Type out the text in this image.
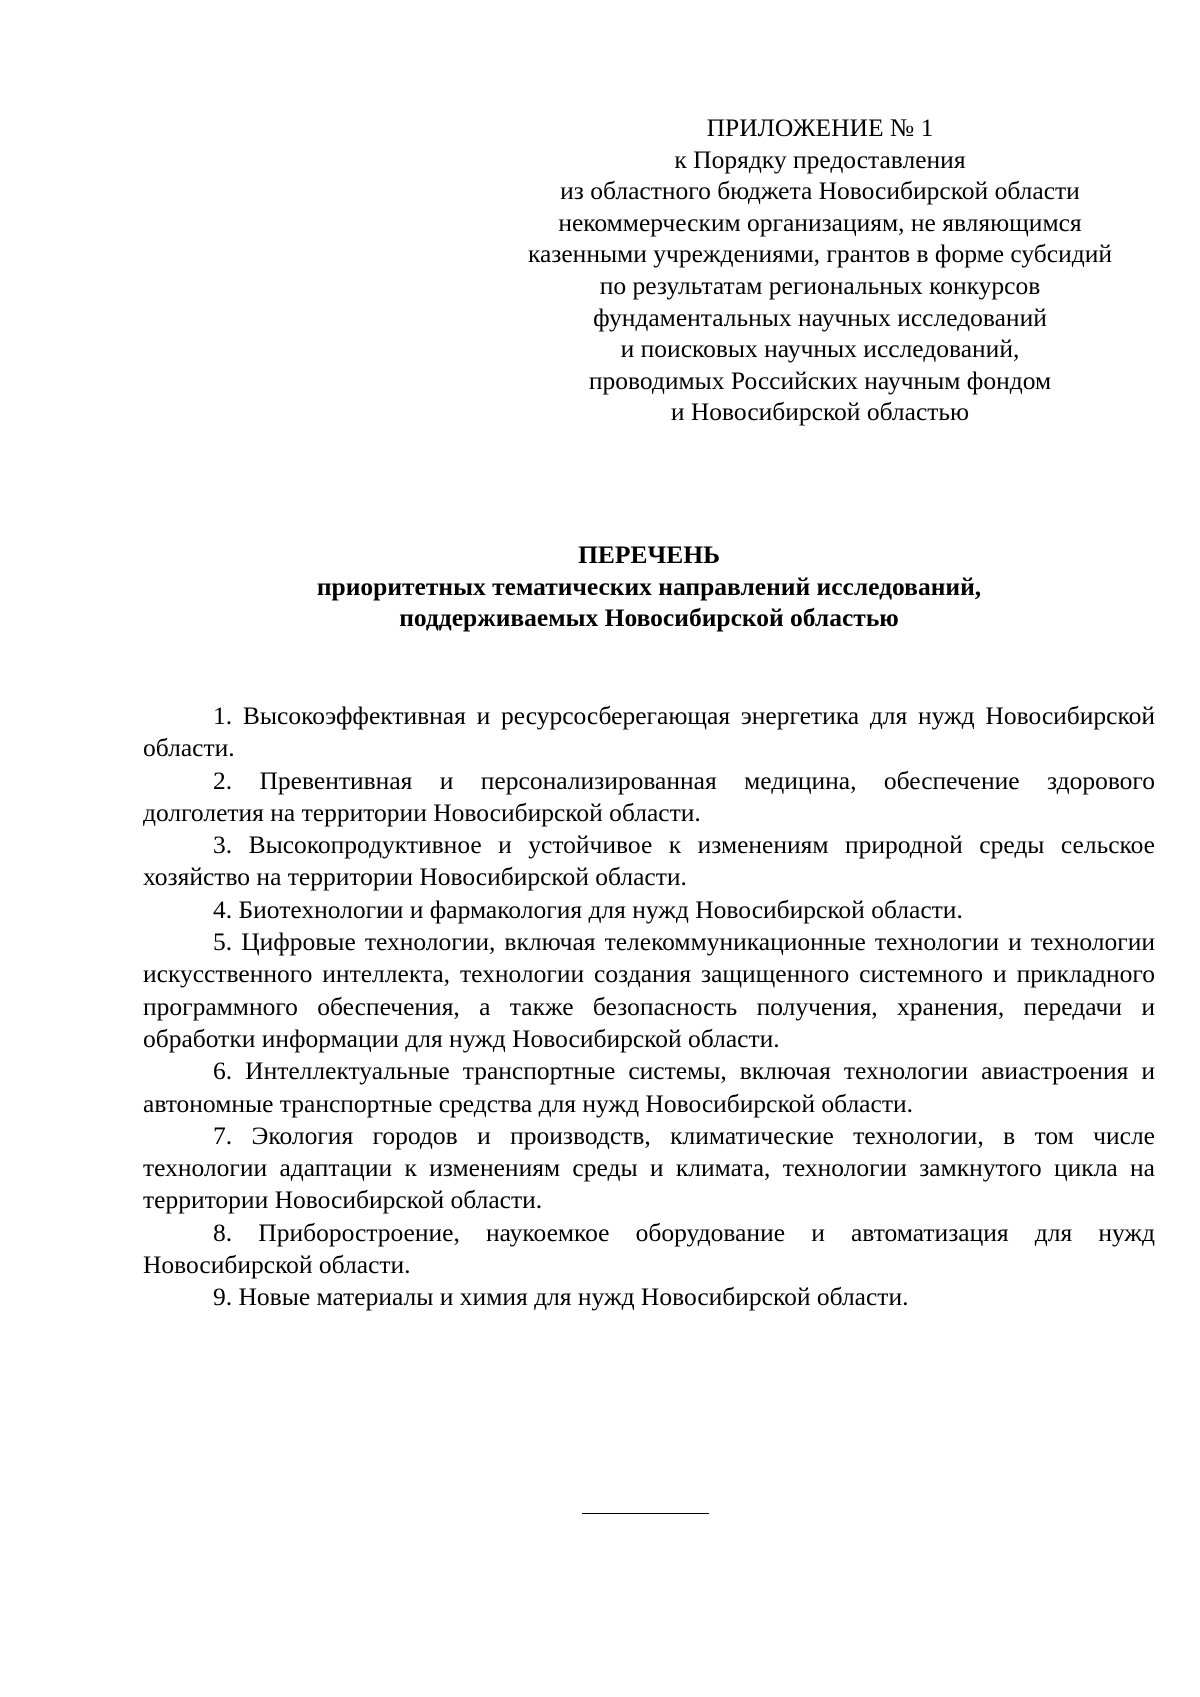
ПРИЛОЖЕНИЕ № 1
к Порядку предоставления
из областного бюджета Новосибирской области
некоммерческим организациям, не являющимся
казенными учреждениями, грантов в форме субсидий
по результатам региональных конкурсов
фундаментальных научных исследований
и поисковых научных исследований,
проводимых Российских научным фондом
и Новосибирской областью
ПЕРЕЧЕНЬ
приоритетных тематических направлений исследований,
поддерживаемых Новосибирской областью

1. Высокоэффективная и ресурсосберегающая энергетика для нужд Новосибирской области.

2. Превентивная и персонализированная медицина, обеспечение здорового долголетия на территории Новосибирской области.

3. Высокопродуктивное и устойчивое к изменениям природной среды сельское хозяйство на территории Новосибирской области.

4. Биотехнологии и фармакология для нужд Новосибирской области.

5. Цифровые технологии, включая телекоммуникационные технологии и технологии искусственного интеллекта, технологии создания защищенного системного и прикладного программного обеспечения, а также безопасность получения, хранения, передачи и обработки информации для нужд Новосибирской области.

6. Интеллектуальные транспортные системы, включая технологии авиастроения и автономные транспортные средства для нужд Новосибирской области.

7. Экология городов и производств, климатические технологии, в том числе технологии адаптации к изменениям среды и климата, технологии замкнутого цикла на территории Новосибирской области.

8. Приборостроение, наукоемкое оборудование и автоматизация для нужд Новосибирской области.

9. Новые материалы и химия для нужд Новосибирской области.
